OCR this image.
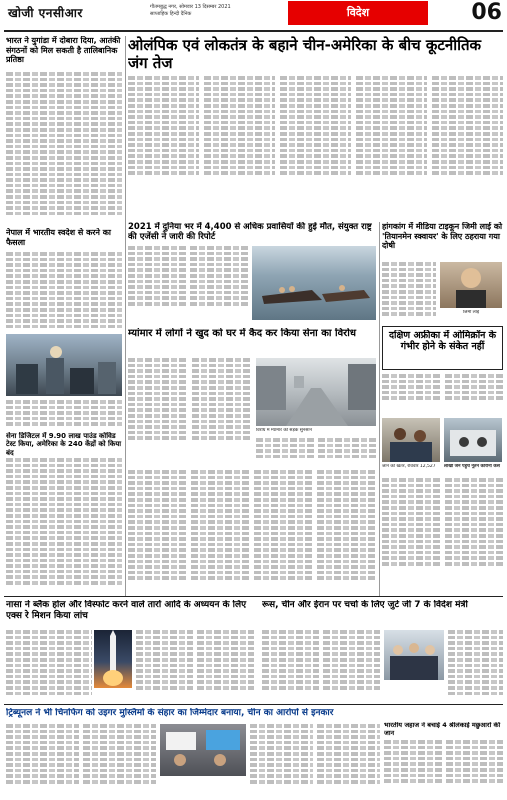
खोजी एनसीआर	गौतमबुद्ध नगर, सोमवार 13 दिसम्बर 2021
साप्ताहिक हिन्दी दैनिक	विदेश	06
भारत ने युगांडा में दोबारा दिया, आतंकी संगठनों को मिल सकती है तालिबानिक प्रतिष्ठा
नेपाल में भारतीय स्वदेश से करने का फैसला
सेना डिजिटल में 9.90 लाख पाउंड कोविड टेस्ट किया, अमेरिका के 240 केंद्रों को किया बंद
ओलंपिक एवं लोकतंत्र के बहाने चीन-अमेरिका के बीच कूटनीतिक जंग तेज
2021 में दुनिया भर में 4,400 से अधिक प्रवासियों की हुई मौत, संयुक्त राष्ट्र की एजेंसी ने जारी की रिपोर्ट
म्यांमार में लोगों ने खुद को घर में कैद कर किया सेना का विरोध
विरोध में म्यांमार की सड़कें सुनसान
हांगकांग में मीडिया टाइकून जिमी लाई को 'तियानमेन स्क्वायर' के लिए ठहराया गया दोषी
जिमी लाई
दक्षिण अफ्रीका में ओमिक्रॉन के गंभीर होने के संकेत नहीं
जान को खतरे, रविवार 12,527	लाखों जन पहुंचे नूतन कोरोना केस
नासा ने ब्लैक होल और विस्फोट करने वाले तारों आदि के अध्ययन के लिए एक्स रे मिशन किया लांच
रूस, चीन और ईरान पर चर्चा के लिए जुटे जी 7 के विदेश मंत्री
ट्रिब्यूनल ने भी चिनफिंग को उइगर मुस्लिमों के संहार का जिम्मेदार बनाया, चीन का आरोपों से इनकार
भारतीय जहाज ने बचाई 4 श्रीलंकाई मछुआरों की जान
